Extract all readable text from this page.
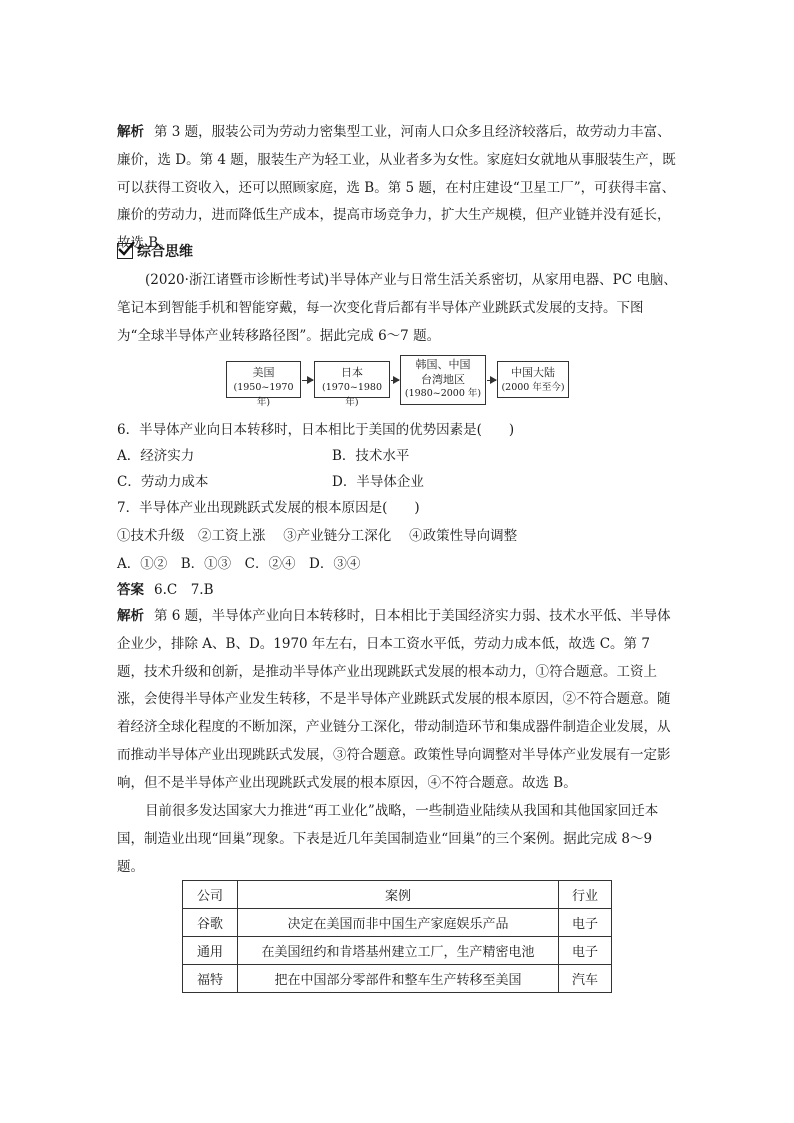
解析 第 3 题，服装公司为劳动力密集型工业，河南人口众多且经济较落后，故劳动力丰富、廉价，选 D。第 4 题，服装生产为轻工业，从业者多为女性。家庭妇女就地从事服装生产，既可以获得工资收入，还可以照顾家庭，选 B。第 5 题，在村庄建设“卫星工厂”，可获得丰富、廉价的劳动力，进而降低生产成本，提高市场竞争力，扩大生产规模，但产业链并没有延长，故选 B。

综合思维

(2020·浙江诸暨市诊断性考试)半导体产业与日常生活关系密切，从家用电器、PC 电脑、笔记本到智能手机和智能穿戴，每一次变化背后都有半导体产业跳跃式发展的支持。下图为“全球半导体产业转移路径图”。据此完成 6～7 题。

美国
(1950~1970 年)
日本
(1970~1980 年)
韩国、中国
台湾地区
(1980~2000 年)
中国大陆
(2000 年至今)
6．半导体产业向日本转移时，日本相比于美国的优势因素是(　　)
A．经济实力	B．技术水平
C．劳动力成本	D．半导体企业
7．半导体产业出现跳跃式发展的根本原因是(　　)
①技术升级　②工资上涨　 ③产业链分工深化　 ④政策性导向调整
A．①②　B．①③　C．②④　D．③④
答案 6.C　7.B

解析 第 6 题，半导体产业向日本转移时，日本相比于美国经济实力弱、技术水平低、半导体企业少，排除 A、B、D。1970 年左右，日本工资水平低，劳动力成本低，故选 C。第 7 题，技术升级和创新，是推动半导体产业出现跳跃式发展的根本动力，①符合题意。工资上涨，会使得半导体产业发生转移，不是半导体产业跳跃式发展的根本原因，②不符合题意。随着经济全球化程度的不断加深，产业链分工深化，带动制造环节和集成器件制造企业发展，从而推动半导体产业出现跳跃式发展，③符合题意。政策性导向调整对半导体产业发展有一定影响，但不是半导体产业出现跳跃式发展的根本原因，④不符合题意。故选 B。

目前很多发达国家大力推进“再工业化”战略，一些制造业陆续从我国和其他国家回迁本国，制造业出现“回巢”现象。下表是近几年美国制造业“回巢”的三个案例。据此完成 8～9 题。

公司	案例	行业
谷歌	决定在美国而非中国生产家庭娱乐产品	电子
通用	在美国纽约和肯塔基州建立工厂，生产精密电池	电子
福特	把在中国部分零部件和整车生产转移至美国	汽车
